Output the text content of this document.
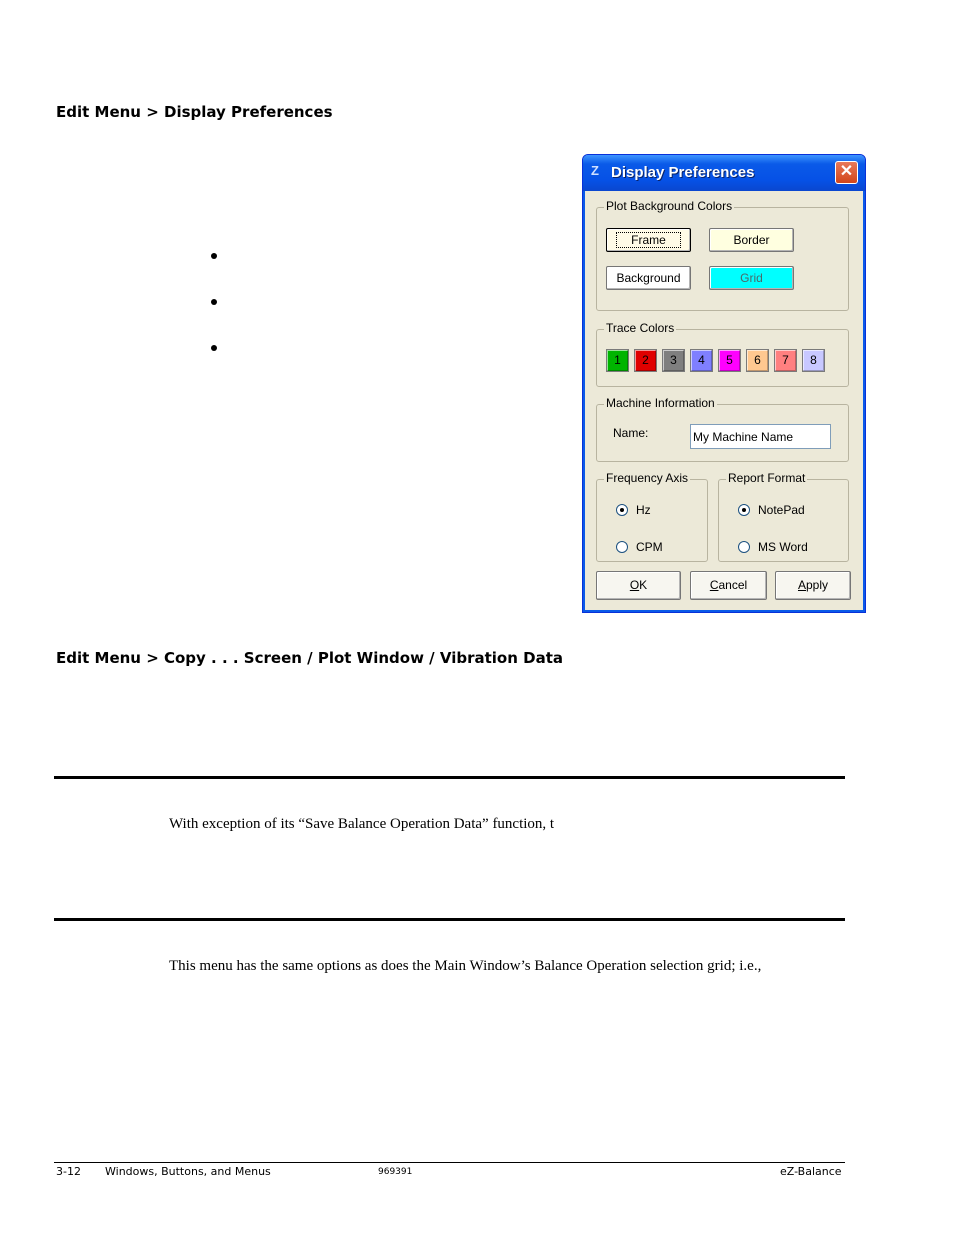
Edit Menu > Display Preferences
Edit Menu > Copy . . . Screen / Plot Window / Vibration Data
With exception of its “Save Balance Operation Data” function, t
This menu has the same options as does the Main Window’s Balance Operation selection grid; i.e.,
Z Display Preferences	✕
Plot Background Colors
Frame	Border
Background	Grid
Trace Colors
1	2	3	4	5	6	7	8
Machine Information
Name:
My Machine Name
Frequency Axis
Hz
CPM
Report Format
NotePad
MS Word
OK	Cancel	Apply
3-12 Windows, Buttons, and Menus	969391	eZ-Balance
